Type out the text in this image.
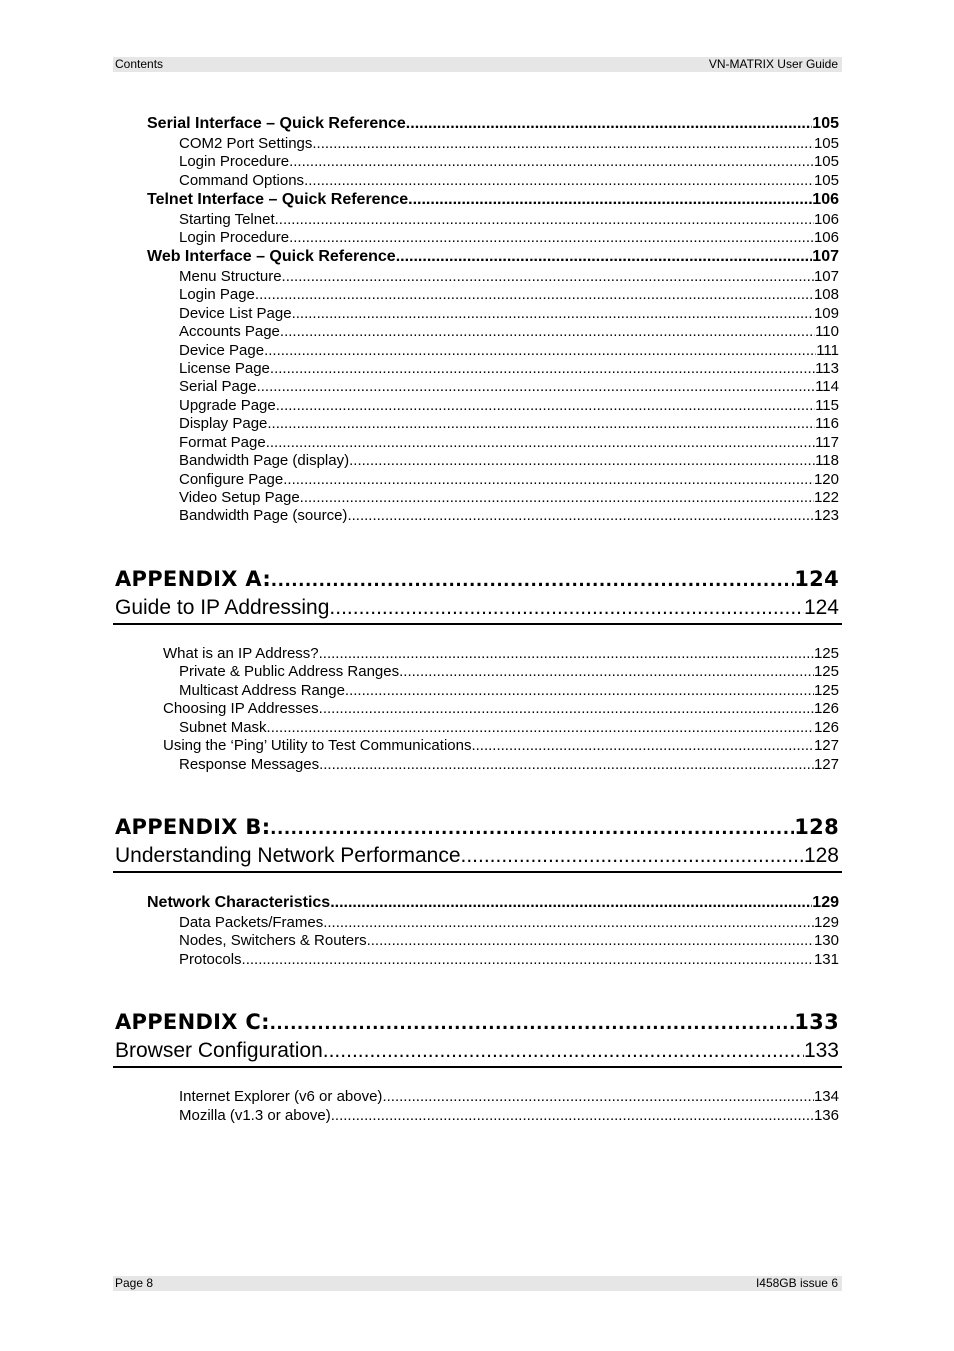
Contents	VN-MATRIX User Guide
Serial Interface – Quick Reference .....	105
COM2 Port Settings .....	105
Login Procedure .....	105
Command Options .....	105
Telnet Interface – Quick Reference .....	106
Starting Telnet .....	106
Login Procedure .....	106
Web Interface – Quick Reference .....	107
Menu Structure .....	107
Login Page .....	108
Device List Page .....	109
Accounts Page .....	110
Device Page .....	111
License Page .....	113
Serial Page .....	114
Upgrade Page .....	115
Display Page .....	116
Format Page .....	117
Bandwidth Page (display) .....	118
Configure Page .....	120
Video Setup Page .....	122
Bandwidth Page (source) .....	123
APPENDIX A: .....	124
Guide to IP Addressing .....	124
What is an IP Address? .....	125
Private & Public Address Ranges .....	125
Multicast Address Range .....	125
Choosing IP Addresses .....	126
Subnet Mask .....	126
Using the ‘Ping’ Utility to Test Communications .....	127
Response Messages .....	127
APPENDIX B: .....	128
Understanding Network Performance .....	128
Network Characteristics .....	129
Data Packets/Frames .....	129
Nodes, Switchers & Routers .....	130
Protocols .....	131
APPENDIX C: .....	133
Browser Configuration .....	133
Internet Explorer (v6 or above) .....	134
Mozilla (v1.3 or above) .....	136
Page 8	I458GB issue 6
